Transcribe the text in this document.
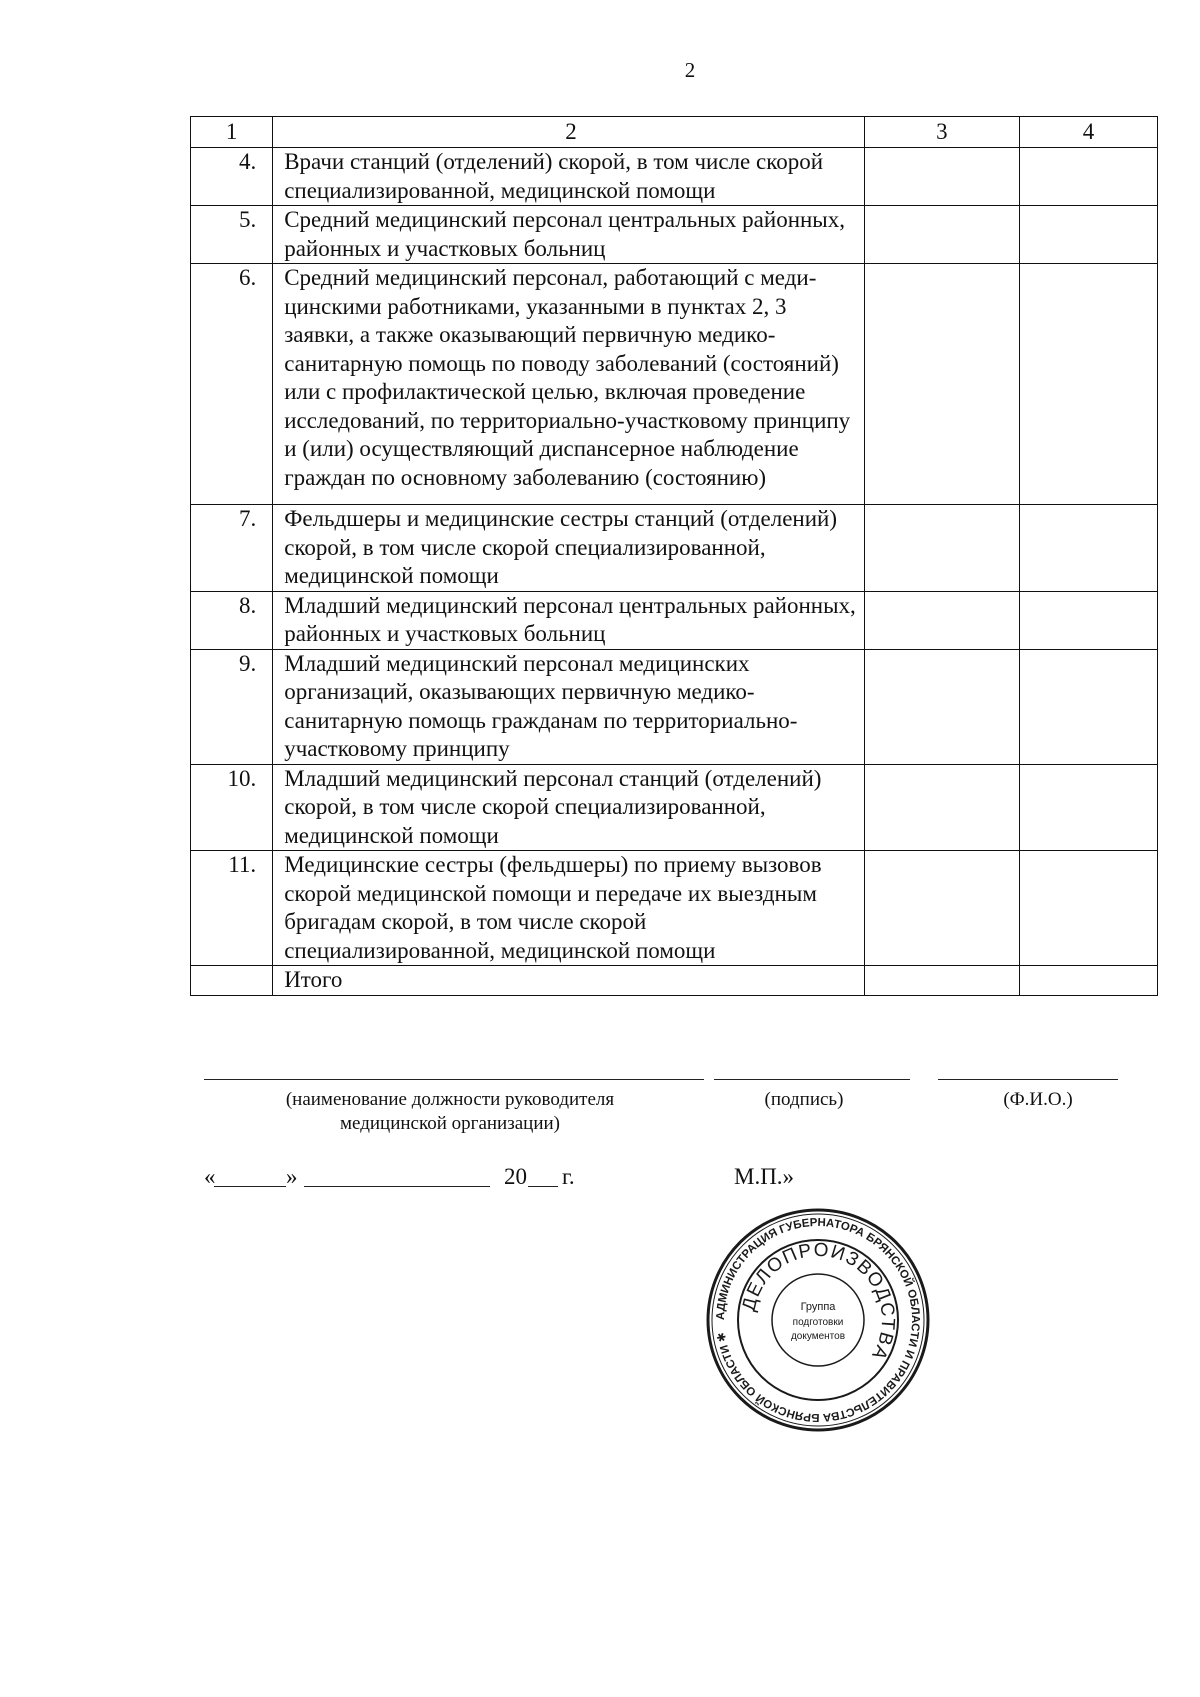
2
1	2	3	4
4.	Врачи станций (отделений) скорой, в том числе скорой специализированной, медицинской помощи		
5.	Средний медицинский персонал центральных районных, районных и участковых больниц		
6.	Средний медицинский персонал, работающий с меди-цинскими работниками, указанными в пунктах 2, 3 заявки, а также оказывающий первичную медико-санитарную помощь по поводу заболеваний (состояний) или с профилактической целью, включая проведение исследований, по территориально-участковому принципу и (или) осуществляющий диспансерное наблюдение граждан по основному заболеванию (состоянию)		
7.	Фельдшеры и медицинские сестры станций (отделений) скорой, в том числе скорой специализированной, медицинской помощи		
8.	Младший медицинский персонал центральных районных, районных и участковых больниц		
9.	Младший медицинский персонал медицинских организаций, оказывающих первичную медико-санитарную помощь гражданам по территориально-участковому принципу		
10.	Младший медицинский персонал станций (отделений) скорой, в том числе скорой специализированной, медицинской помощи		
11.	Медицинские сестры (фельдшеры) по приему вызовов скорой медицинской помощи и передаче их выездным бригадам скорой, в том числе скорой специализированной, медицинской помощи		
	Итого		
(наименование должности руководителя медицинской организации)
(подпись)	(Ф.И.О.)
«	»	20 г.	М.П.»
АДМИНИСТРАЦИЯ ГУБЕРНАТОРА БРЯНСКОЙ ОБЛАСТИ И ПРАВИТЕЛЬСТВА БРЯНСКОЙ ОБЛАСТИ ✱
ДЕЛОПРОИЗВОДСТВА
Группа
подготовки
документов
